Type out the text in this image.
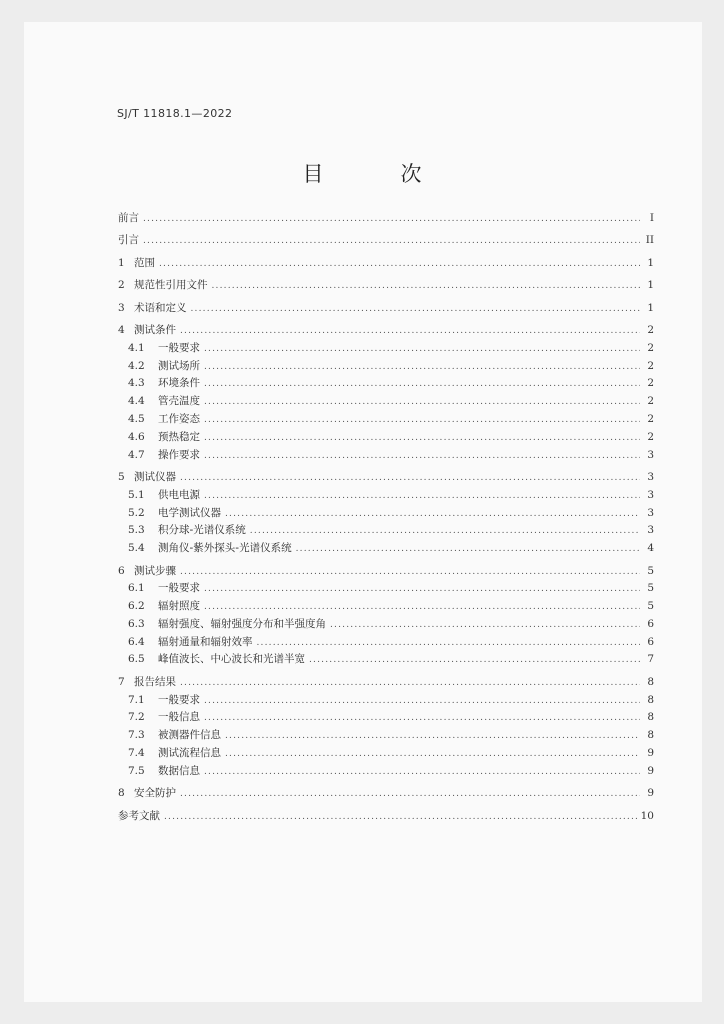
SJ/T 11818.1—2022
目　次
前言 .....	I
引言 .....	II
1 范围 .....	1
2 规范性引用文件 .....	1
3 术语和定义 .....	1
4 测试条件 .....	2
4.1	一般要求 .....	2
4.2	测试场所 .....	2
4.3	环境条件 .....	2
4.4	管壳温度 .....	2
4.5	工作姿态 .....	2
4.6	预热稳定 .....	2
4.7	操作要求 .....	3
5 测试仪器 .....	3
5.1	供电电源 .....	3
5.2	电学测试仪器 .....	3
5.3	积分球-光谱仪系统 .....	3
5.4	测角仪-紫外探头-光谱仪系统 .....	4
6 测试步骤 .....	5
6.1	一般要求 .....	5
6.2	辐射照度 .....	5
6.3	辐射强度、辐射强度分布和半强度角 .....	6
6.4	辐射通量和辐射效率 .....	6
6.5	峰值波长、中心波长和光谱半宽 .....	7
7 报告结果 .....	8
7.1	一般要求 .....	8
7.2	一般信息 .....	8
7.3	被测器件信息 .....	8
7.4	测试流程信息 .....	9
7.5	数据信息 .....	9
8 安全防护 .....	9
参考文献 .....	10
